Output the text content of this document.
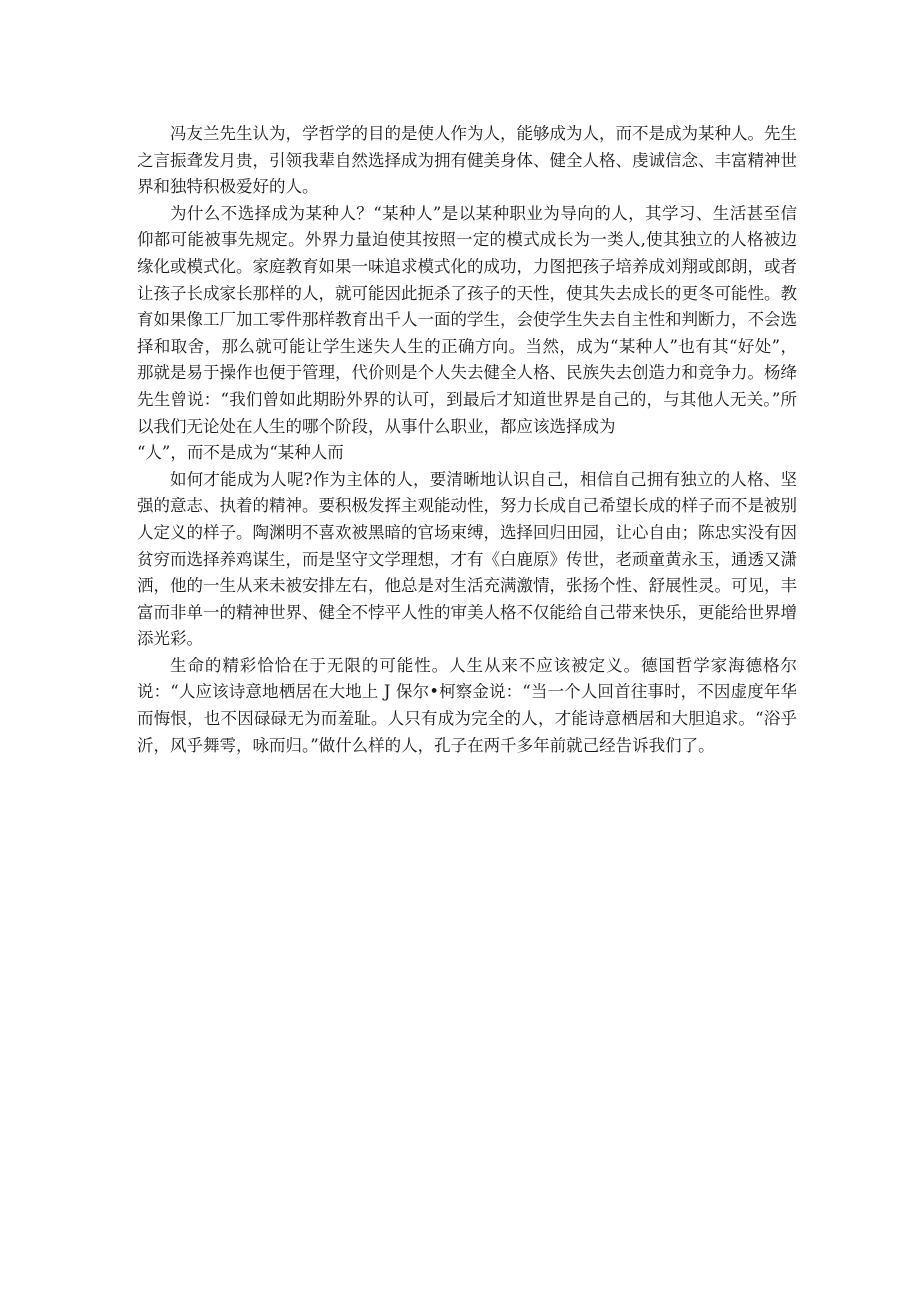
冯友兰先生认为，学哲学的目的是使人作为人，能够成为人，而不是成为某种人。先生之言振聋发月贵，引领我辈自然选择成为拥有健美身体、健全人格、虔诚信念、丰富精神世界和独特积极爱好的人。

为什么不选择成为某种人？“某种人”是以某种职业为导向的人，其学习、生活甚至信仰都可能被事先规定。外界力量迫使其按照一定的模式成长为一类人,使其独立的人格被边缘化或模式化。家庭教育如果一味追求模式化的成功，力图把孩子培养成刘翔或郎朗，或者让孩子长成家长那样的人，就可能因此扼杀了孩子的天性，使其失去成长的更冬可能性。教育如果像工厂加工零件那样教育出千人一面的学生，会使学生失去自主性和判断力，不会选择和取舍，那么就可能让学生迷失人生的正确方向。当然，成为“某种人”也有其“好处”，那就是易于操作也便于管理，代价则是个人失去健全人格、民族失去创造力和竞争力。杨绛先生曾说：“我们曾如此期盼外界的认可，到最后才知道世界是自己的，与其他人无关。”所以我们无论处在人生的哪个阶段，从事什么职业，都应该选择成为

“人”，而不是成为“某种人而

如何才能成为人呢?作为主体的人，要清晰地认识自己，相信自己拥有独立的人格、坚强的意志、执着的精神。要积极发挥主观能动性，努力长成自己希望长成的样子而不是被别人定义的样子。陶渊明不喜欢被黑暗的官场束缚，选择回归田园，让心自由；陈忠实没有因贫穷而选择养鸡谋生，而是坚守文学理想，才有《白鹿原》传世，老顽童黄永玉，通透又潇洒，他的一生从来未被安排左右，他总是对生活充满激情，张扬个性、舒展性灵。可见，丰富而非单一的精神世界、健全不悖平人性的审美人格不仅能给自己带来快乐，更能给世界增添光彩。

生命的精彩恰恰在于无限的可能性。人生从来不应该被定义。德国哲学家海德格尔说：“人应该诗意地栖居在大地上 J 保尔•柯察金说：“当一个人回首往事时，不因虚度年华而悔恨，也不因碌碌无为而羞耻。人只有成为完全的人，才能诗意栖居和大胆追求。“浴乎沂，风乎舞雩，咏而归。”做什么样的人，孔子在两千多年前就己经告诉我们了。
